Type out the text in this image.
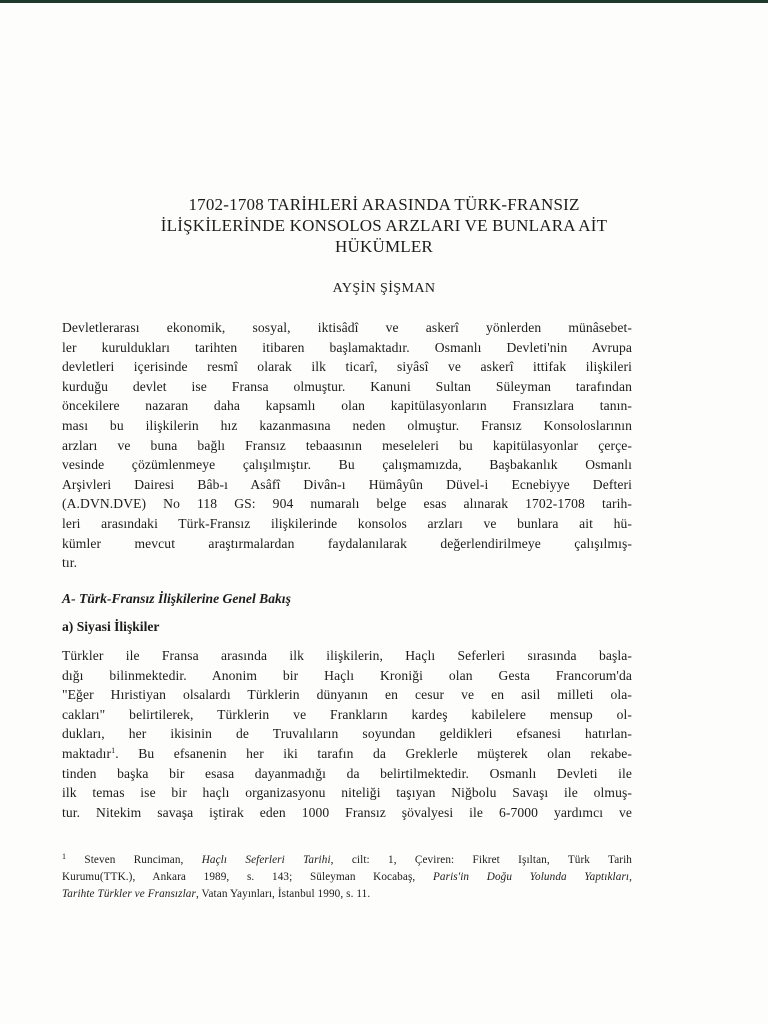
1702-1708 TARİHLERİ ARASINDA TÜRK-FRANSIZ
İLİŞKİLERİNDE KONSOLOS ARZLARI VE BUNLARA AİT
HÜKÜMLER
AYŞİN ŞİŞMAN
Devletlerarası ekonomik, sosyal, iktisâdî ve askerî yönlerden münâsebet-
ler kuruldukları tarihten itibaren başlamaktadır. Osmanlı Devleti'nin Avrupa
devletleri içerisinde resmî olarak ilk ticarî, siyâsî ve askerî ittifak ilişkileri
kurduğu devlet ise Fransa olmuştur. Kanuni Sultan Süleyman tarafından
öncekilere nazaran daha kapsamlı olan kapitülasyonların Fransızlara tanın-
ması bu ilişkilerin hız kazanmasına neden olmuştur. Fransız Konsoloslarının
arzları ve buna bağlı Fransız tebaasının meseleleri bu kapitülasyonlar çerçe-
vesinde çözümlenmeye çalışılmıştır. Bu çalışmamızda, Başbakanlık Osmanlı
Arşivleri Dairesi Bâb-ı Asâfî Divân-ı Hümâyûn Düvel-i Ecnebiyye Defteri
(A.DVN.DVE) No 118 GS: 904 numaralı belge esas alınarak 1702-1708 tarih-
leri arasındaki Türk-Fransız ilişkilerinde konsolos arzları ve bunlara ait hü-
kümler mevcut araştırmalardan faydalanılarak değerlendirilmeye çalışılmış-
tır.
A- Türk-Fransız İlişkilerine Genel Bakış
a) Siyasi İlişkiler
Türkler ile Fransa arasında ilk ilişkilerin, Haçlı Seferleri sırasında başla-
dığı bilinmektedir. Anonim bir Haçlı Kroniği olan Gesta Francorum'da
"Eğer Hıristiyan olsalardı Türklerin dünyanın en cesur ve en asil milleti ola-
cakları" belirtilerek, Türklerin ve Frankların kardeş kabilelere mensup ol-
dukları, her ikisinin de Truvalıların soyundan geldikleri efsanesi hatırlan-
maktadır$^1$. Bu efsanenin her iki tarafın da Greklerle müşterek olan rekabe-
tinden başka bir esasa dayanmadığı da belirtilmektedir. Osmanlı Devleti ile
ilk temas ise bir haçlı organizasyonu niteliği taşıyan Niğbolu Savaşı ile olmuş-
tur. Nitekim savaşa iştirak eden 1000 Fransız şövalyesi ile 6-7000 yardımcı ve
$^1$ Steven Runciman, Haçlı Seferleri Tarihi, cilt: 1, Çeviren: Fikret Işıltan, Türk Tarih
Kurumu(TTK.), Ankara 1989, s. 143; Süleyman Kocabaş, Paris'in Doğu Yolunda Yaptıkları,
Tarihte Türkler ve Fransızlar, Vatan Yayınları, İstanbul 1990, s. 11.
